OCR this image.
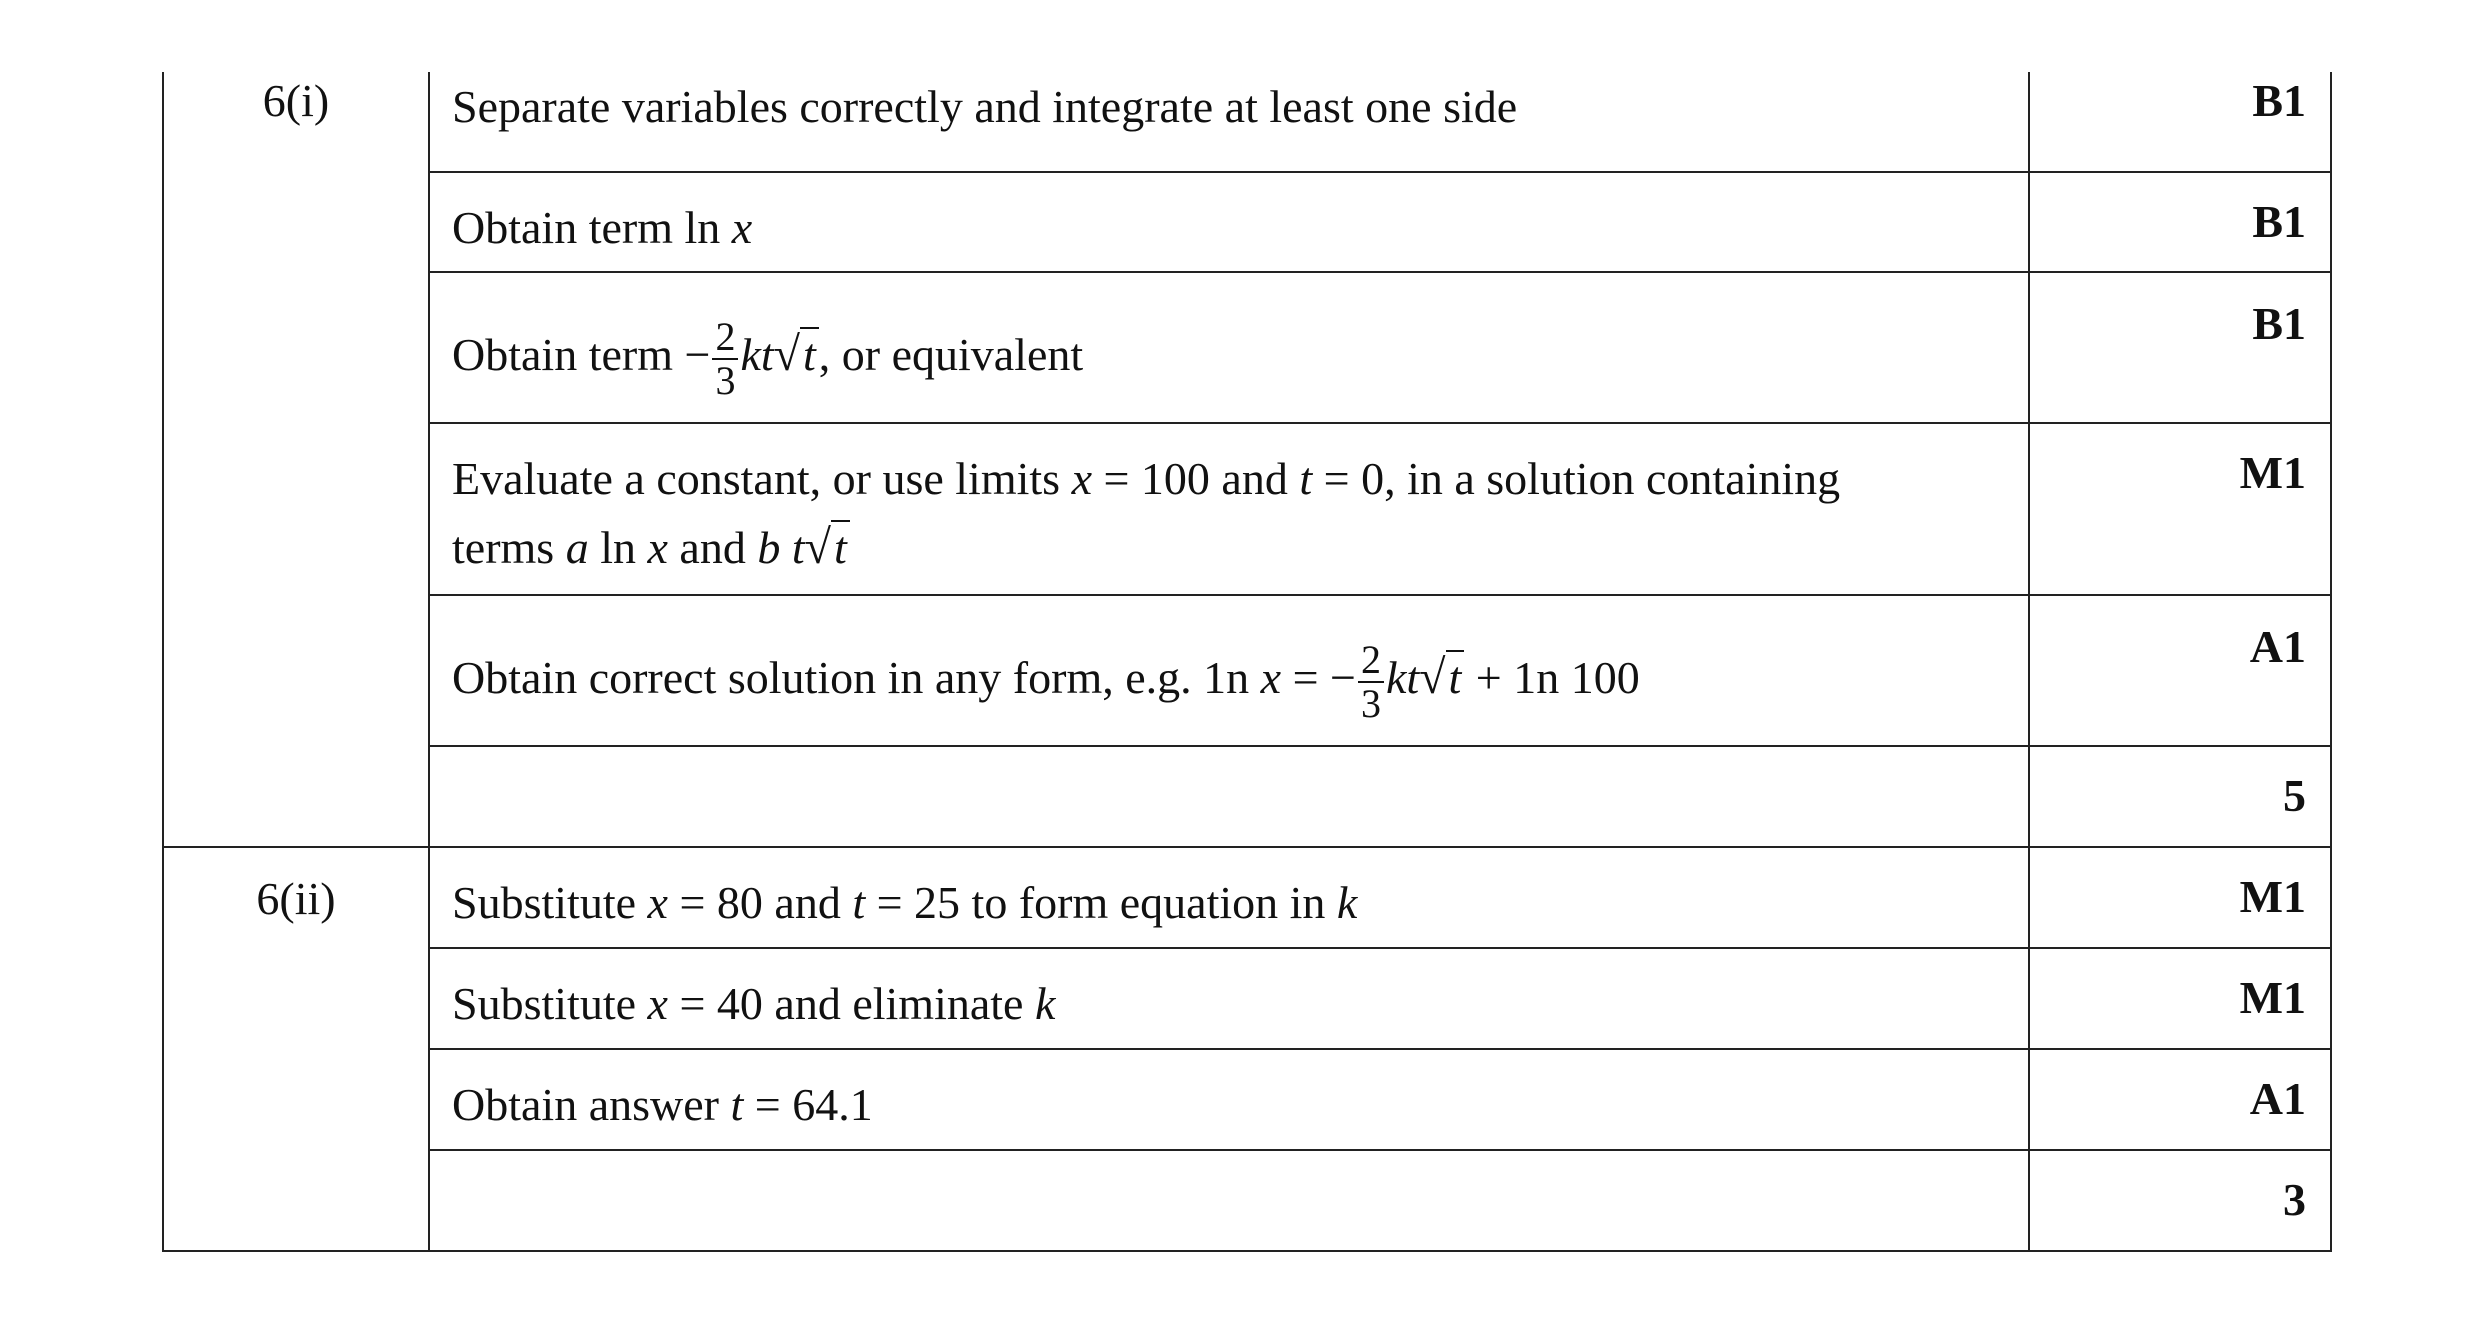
6(i)	Separate variables correctly and integrate at least one side	B1
	Obtain term ln x	B1
	Obtain term − $\frac{2}{3} kt√t$, or equivalent	B1

	Evaluate a constant, or use limits x = 100 and t = 0, in a solution containing
terms a ln x and b t√t	M1
	Obtain correct solution in any form, e.g. 1n x = − $\frac{2}{3} kt√t + 1n$ 100	A1
		5
6(ii)	Substitute x = 80 and t = 25 to form equation in k	M1
	Substitute x = 40 and eliminate k	M1
	Obtain answer t = 64.1	A1
		3
